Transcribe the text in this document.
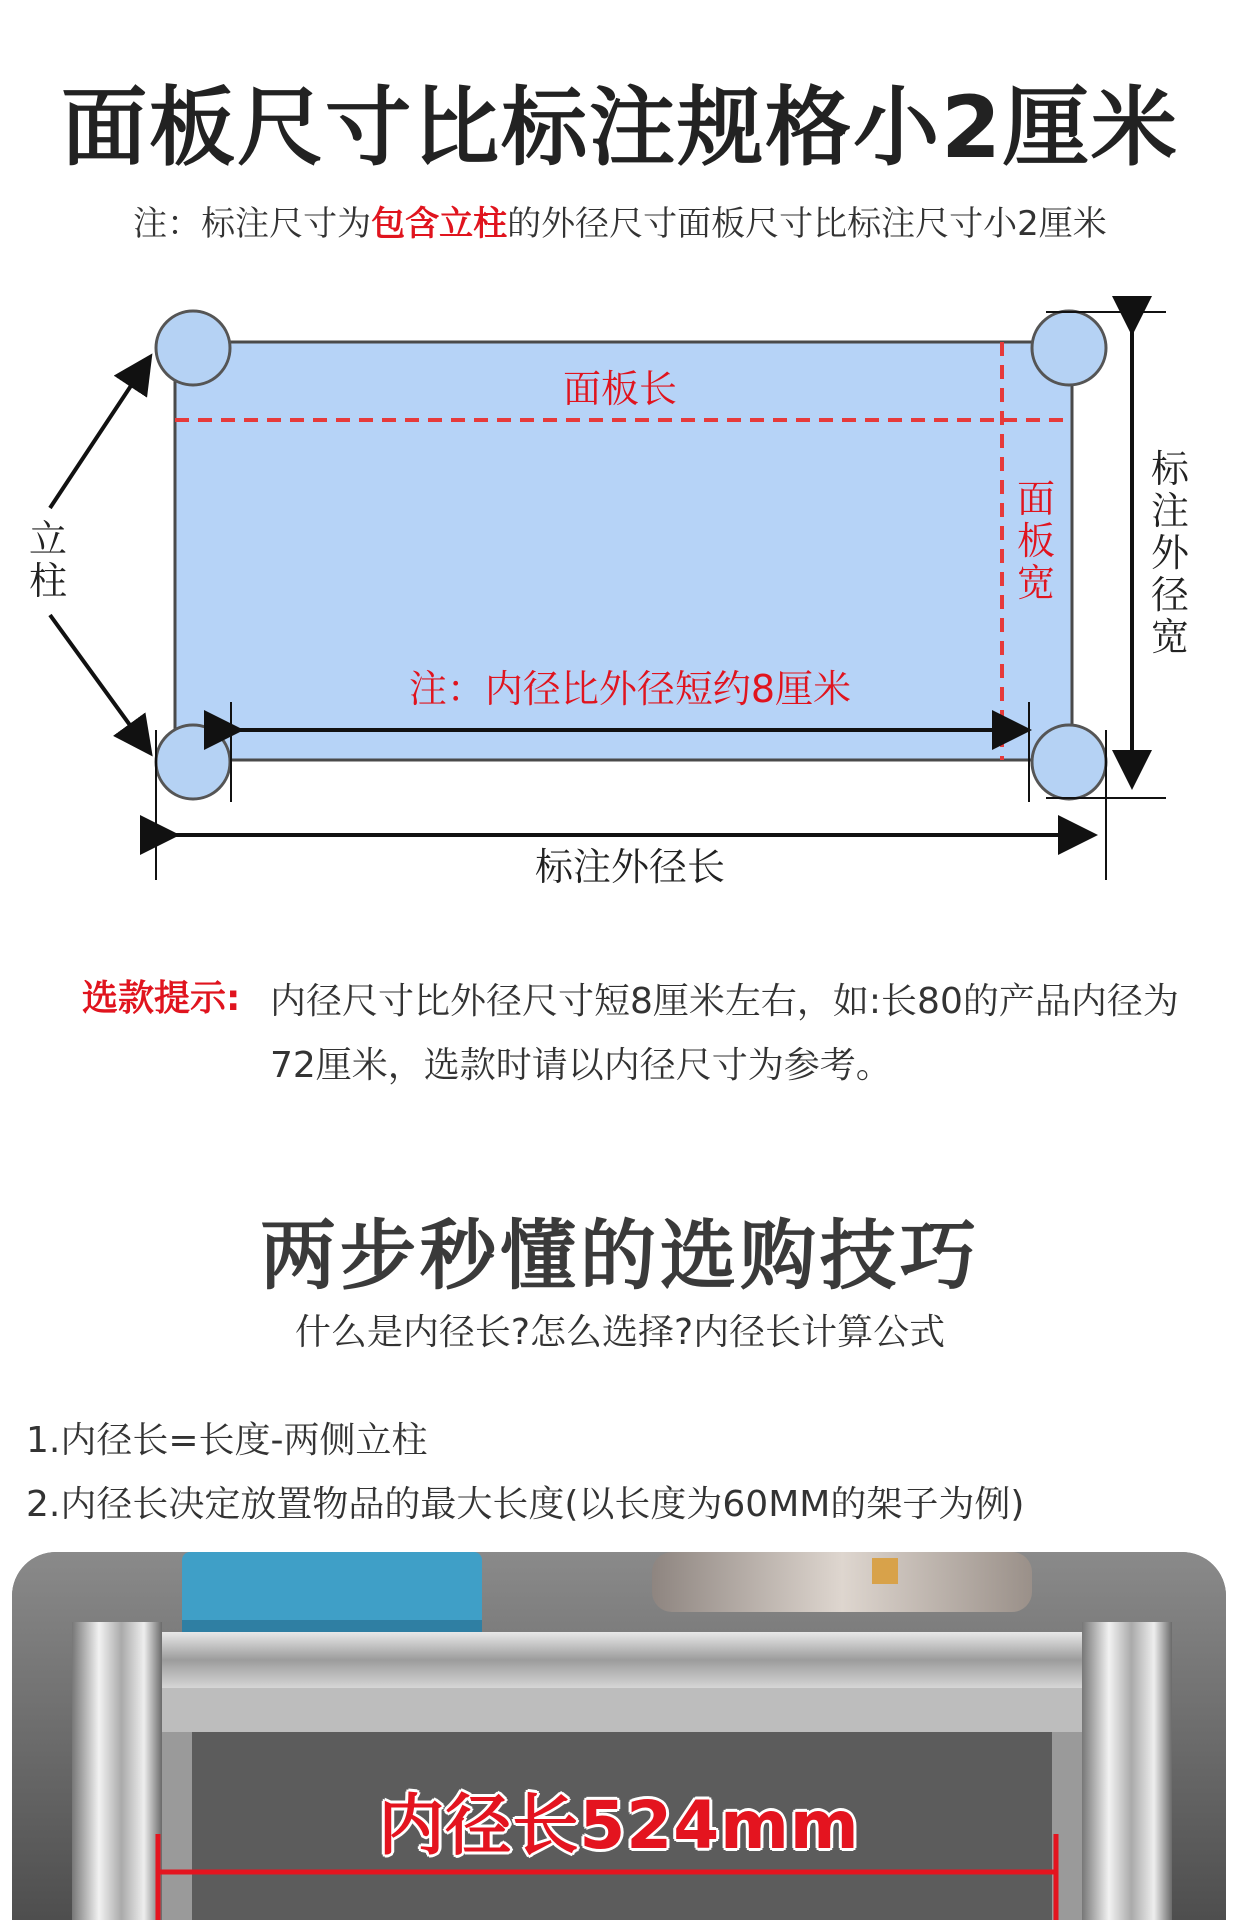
面板尺寸比标注规格小2厘米
注：标注尺寸为包含立柱的外径尺寸面板尺寸比标注尺寸小2厘米
面板长
面
板
宽
立
柱
注：内径比外径短约8厘米
标
注
外
径
宽
标注外径长
选款提示: 内径尺寸比外径尺寸短8厘米左右，如:长80的产品内径为72厘米，选款时请以内径尺寸为参考。
两步秒懂的选购技巧
什么是内径长?怎么选择?内径长计算公式
1.内径长=长度-两侧立柱
2.内径长决定放置物品的最大长度(以长度为60MM的架子为例)
内径长524mm
